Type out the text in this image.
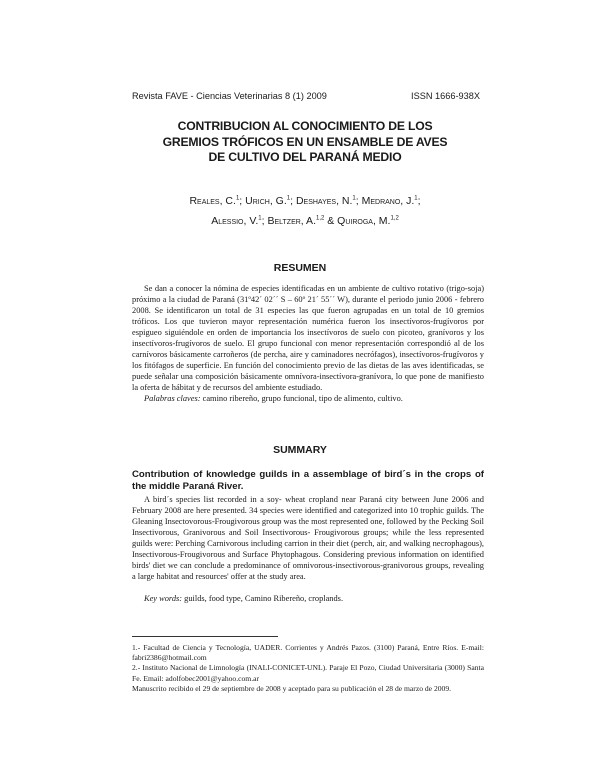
Revista FAVE - Ciencias Veterinarias 8 (1) 2009	ISSN 1666-938X
CONTRIBUCION AL CONOCIMIENTO DE LOS
GREMIOS TRÓFICOS EN UN ENSAMBLE DE AVES
DE CULTIVO DEL PARANÁ MEDIO
Reales, C.$^1$; Urich, G.$^1$; Deshayes, N.$^1$; Medrano, J.$^1$;
Alessio, V.$^1$; Beltzer, A.$^{1,2}$ & Quiroga, M.$^{1,2}$
RESUMEN
Se dan a conocer la nómina de especies identificadas en un ambiente de cultivo rotativo (trigo-soja) próximo a la ciudad de Paraná (31º42´ 02´´ S – 60º 21´ 55´´ W), durante el periodo junio 2006 - febrero 2008. Se identificaron un total de 31 especies las que fueron agrupadas en un total de 10 gremios tróficos. Los que tuvieron mayor representación numérica fueron los insectívoros-frugívoros por espigueo siguiéndole en orden de importancia los insectívoros de suelo con picoteo, granívoros y los insectívoros-frugívoros de suelo. El grupo funcional con menor representación correspondió al de los carnívoros básicamente carroñeros (de percha, aire y caminadores necrófagos), insectívoros-frugívoros y los fitófagos de superficie. En función del conocimiento previo de las dietas de las aves identificadas, se puede señalar una composición básicamente omnívora-insectívora-granívora, lo que pone de manifiesto la oferta de hábitat y de recursos del ambiente estudiado.
Palabras claves: camino ribereño, grupo funcional, tipo de alimento, cultivo.
SUMMARY
Contribution of knowledge guilds in a assemblage of bird´s in the crops of the middle Paraná River.
A bird´s species list recorded in a soy- wheat cropland near Paraná city between June 2006 and February 2008 are here presented. 34 species were identified and categorized into 10 trophic guilds. The Gleaning Insectovorous-Frougivorous group was the most represented one, followed by the Pecking Soil Insectivorous, Granivorous and Soil Insectivorous- Frougivorous groups; while the less represented guilds were: Perching Carnivorous including carrion in their diet (perch, air, and walking necrophagous), Insectivorous-Frougivorous and Surface Phytophagous. Considering previous information on identified birds' diet we can conclude a predominance of omnivorous-insectivorous-granivorous groups, revealing a large habitat and resources' offer at the study area.
Key words: guilds, food type, Camino Ribereño, croplands.

1.- Facultad de Ciencia y Tecnología, UADER. Corrientes y Andrés Pazos. (3100) Paraná, Entre Ríos. E-mail: fabri2386@hotmail.com

2.- Instituto Nacional de Limnología (INALI-CONICET-UNL). Paraje El Pozo, Ciudad Universitaria (3000) Santa Fe. Email: adolfobec2001@yahoo.com.ar

Manuscrito recibido el 29 de septiembre de 2008 y aceptado para su publicación el 28 de marzo de 2009.
